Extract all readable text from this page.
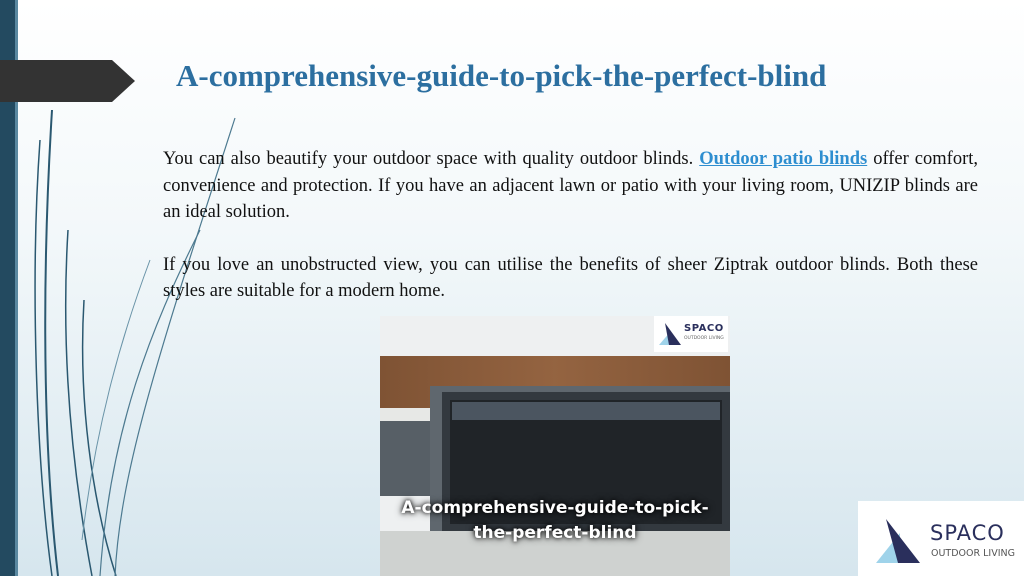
A-comprehensive-guide-to-pick-the-perfect-blind

You can also beautify your outdoor space with quality outdoor blinds. Outdoor patio blinds offer comfort, convenience and protection. If you have an adjacent lawn or patio with your living room, UNIZIP blinds are an ideal solution.

If you love an unobstructed view, you can utilise the benefits of sheer Ziptrak outdoor blinds. Both these styles are suitable for a modern home.

SPACO
OUTDOOR LIVING
A-comprehensive-guide-to-pick-
the-perfect-blind	SPACO
OUTDOOR LIVING
